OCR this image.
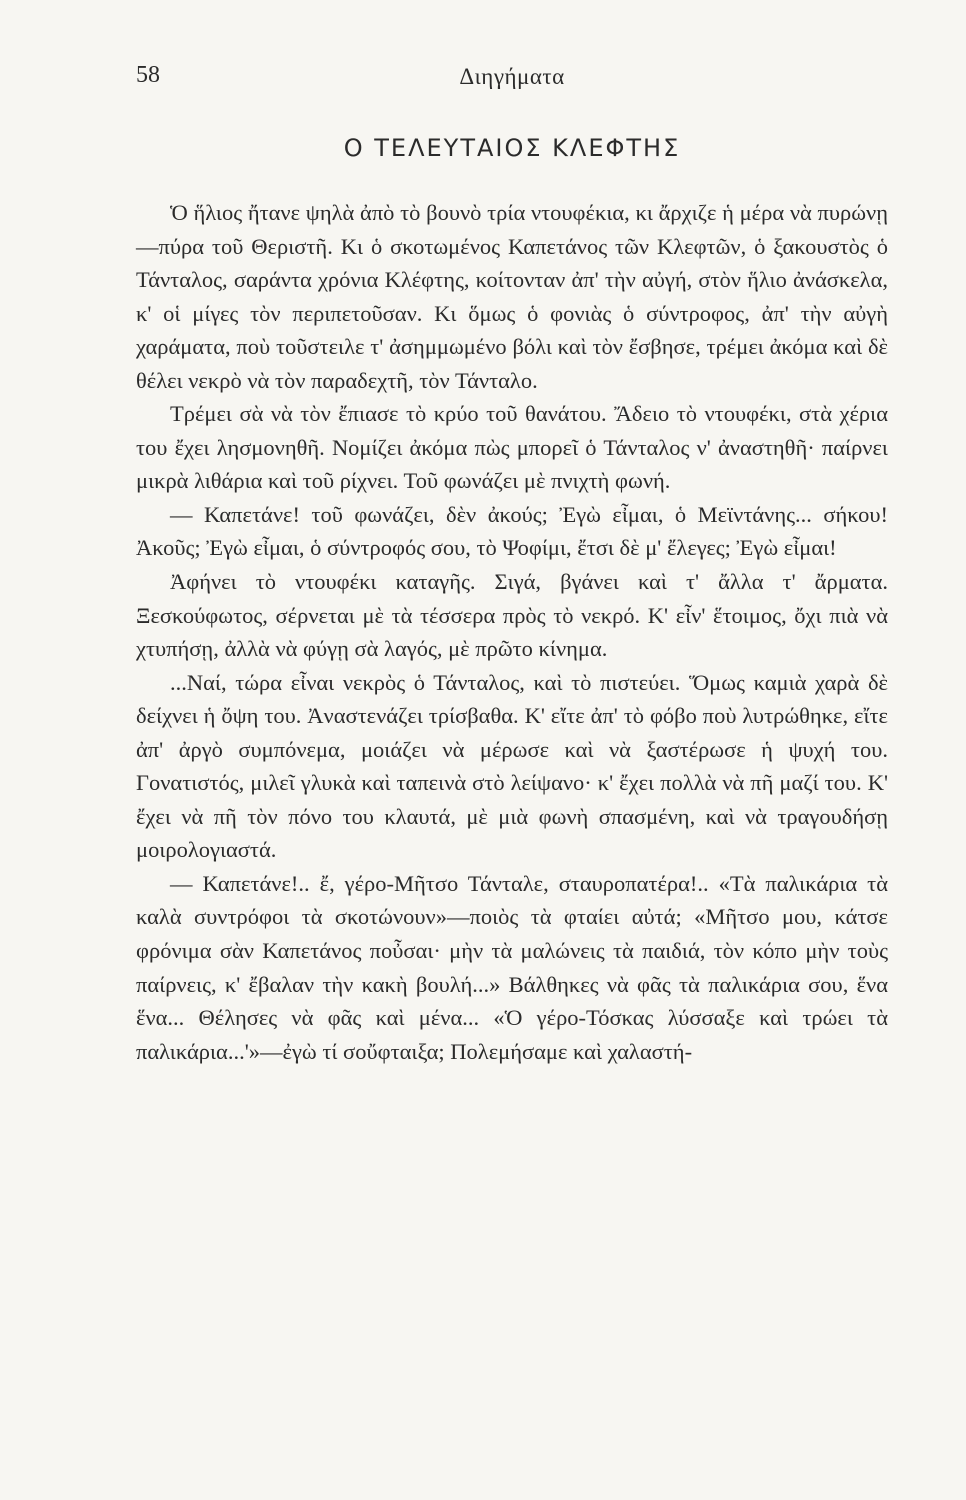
58	Διηγήματα
Ο ΤΕΛΕΥΤΑΙΟΣ ΚΛΕΦΤΗΣ

Ὁ ἥλιος ἤτανε ψηλὰ ἀπὸ τὸ βουνὸ τρία ντουφέκια, κι ἄρχιζε ἡ μέρα νὰ πυρώνῃ—πύρα τοῦ Θεριστῆ. Κι ὁ σκοτωμένος Καπετάνος τῶν Κλεφτῶν, ὁ ξακουστὸς ὁ Τάνταλος, σαράντα χρόνια Κλέφτης, κοίτονταν ἀπ' τὴν αὐγή, στὸν ἥλιο ἀνάσκελα, κ' οἱ μίγες τὸν περιπετοῦσαν. Κι ὅμως ὁ φονιὰς ὁ σύντροφος, ἀπ' τὴν αὐγὴ χαράματα, ποὺ τοῦστειλε τ' ἀσημμωμένο βόλι καὶ τὸν ἔσβησε, τρέμει ἀκόμα καὶ δὲ θέλει νεκρὸ νὰ τὸν παραδεχτῆ, τὸν Τάνταλο.

Τρέμει σὰ νὰ τὸν ἔπιασε τὸ κρύο τοῦ θανάτου. Ἄδειο τὸ ντουφέκι, στὰ χέρια του ἔχει λησμονηθῆ. Νομίζει ἀκόμα πὼς μπορεῖ ὁ Τάνταλος ν' ἀναστηθῆ· παίρνει μικρὰ λιθάρια καὶ τοῦ ρίχνει. Τοῦ φωνάζει μὲ πνιχτὴ φωνή.

— Καπετάνε! τοῦ φωνάζει, δὲν ἀκούς; Ἐγὼ εἶμαι, ὁ Μεϊντάνης... σήκου! Ἀκοῦς; Ἐγὼ εἶμαι, ὁ σύντροφός σου, τὸ Ψοφίμι, ἔτσι δὲ μ' ἔλεγες; Ἐγὼ εἶμαι!

Ἀφήνει τὸ ντουφέκι καταγῆς. Σιγά, βγάνει καὶ τ' ἄλλα τ' ἄρματα. Ξεσκούφωτος, σέρνεται μὲ τὰ τέσσερα πρὸς τὸ νεκρό. Κ' εἶν' ἕτοιμος, ὄχι πιὰ νὰ χτυπήσῃ, ἀλλὰ νὰ φύγῃ σὰ λαγός, μὲ πρῶτο κίνημα.

...Ναί, τώρα εἶναι νεκρὸς ὁ Τάνταλος, καὶ τὸ πιστεύει. Ὅμως καμιὰ χαρὰ δὲ δείχνει ἡ ὄψη του. Ἀναστενάζει τρίσβαθα. Κ' εἴτε ἀπ' τὸ φόβο ποὺ λυτρώθηκε, εἴτε ἀπ' ἀργὸ συμπόνεμα, μοιάζει νὰ μέρωσε καὶ νὰ ξαστέρωσε ἡ ψυχή του. Γονατιστός, μιλεῖ γλυκὰ καὶ ταπεινὰ στὸ λείψανο· κ' ἔχει πολλὰ νὰ πῆ μαζί του. Κ' ἔχει νὰ πῆ τὸν πόνο του κλαυτά, μὲ μιὰ φωνὴ σπασμένη, καὶ νὰ τραγουδήσῃ μοιρολογιαστά.

— Καπετάνε!.. ἔ, γέρο-Μῆτσο Τάνταλε, σταυροπατέρα!.. «Τὰ παλικάρια τὰ καλὰ συντρόφοι τὰ σκοτώνουν»—ποιὸς τὰ φταίει αὐτά; «Μῆτσο μου, κάτσε φρόνιμα σὰν Καπετάνος ποὖσαι· μὴν τὰ μαλώνεις τὰ παιδιά, τὸν κόπο μὴν τοὺς παίρνεις, κ' ἔβαλαν τὴν κακὴ βουλή...» Βάλθηκες νὰ φᾶς τὰ παλικάρια σου, ἕνα ἕνα... Θέλησες νὰ φᾶς καὶ μένα... «Ὁ γέρο-Τόσκας λύσσαξε καὶ τρώει τὰ παλικάρια...'»—ἐγὼ τί σοὔφταιξα; Πολεμήσαμε καὶ χαλαστή-
